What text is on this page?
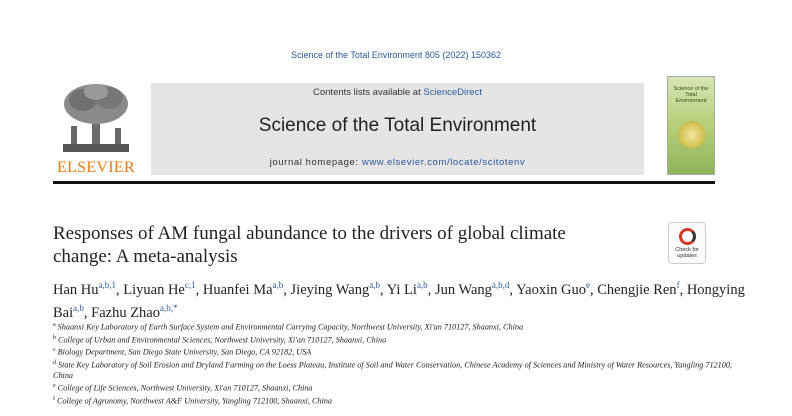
Science of the Total Environment 805 (2022) 150362
ELSEVIER
Contents lists available at ScienceDirect
Science of the Total Environment
journal homepage: www.elsevier.com/locate/scitotenv
Science of the Total Environment
Responses of AM fungal abundance to the drivers of global climate change: A meta-analysis	Check for
updates
Han Hu$^{a,b,1}$, Liyuan He$^{c,1}$, Huanfei Ma$^{a,b}$, Jieying Wang$^{a,b}$, Yi Li$^{a,b}$, Jun Wang$^{a,b,d}$, Yaoxin Guo$^e$, Chengjie Ren$^f$, Hongying Bai$^{a,b}$, Fazhu Zhao$^{a,b,*}$
$^a$ Shaanxi Key Laboratory of Earth Surface System and Environmental Carrying Capacity, Northwest University, Xi'an 710127, Shaanxi, China
$^b$ College of Urban and Environmental Sciences, Northwest University, Xi'an 710127, Shaanxi, China
$^c$ Biology Department, San Diego State University, San Diego, CA 92182, USA
$^d$ State Key Laboratory of Soil Erosion and Dryland Farming on the Loess Plateau, Institute of Soil and Water Conservation, Chinese Academy of Sciences and Ministry of Water Resources, Yangling 712100, China
$^e$ College of Life Sciences, Northwest University, Xi'an 710127, Shaanxi, China
$^f$ College of Agronomy, Northwest A&F University, Yangling 712100, Shaanxi, China
